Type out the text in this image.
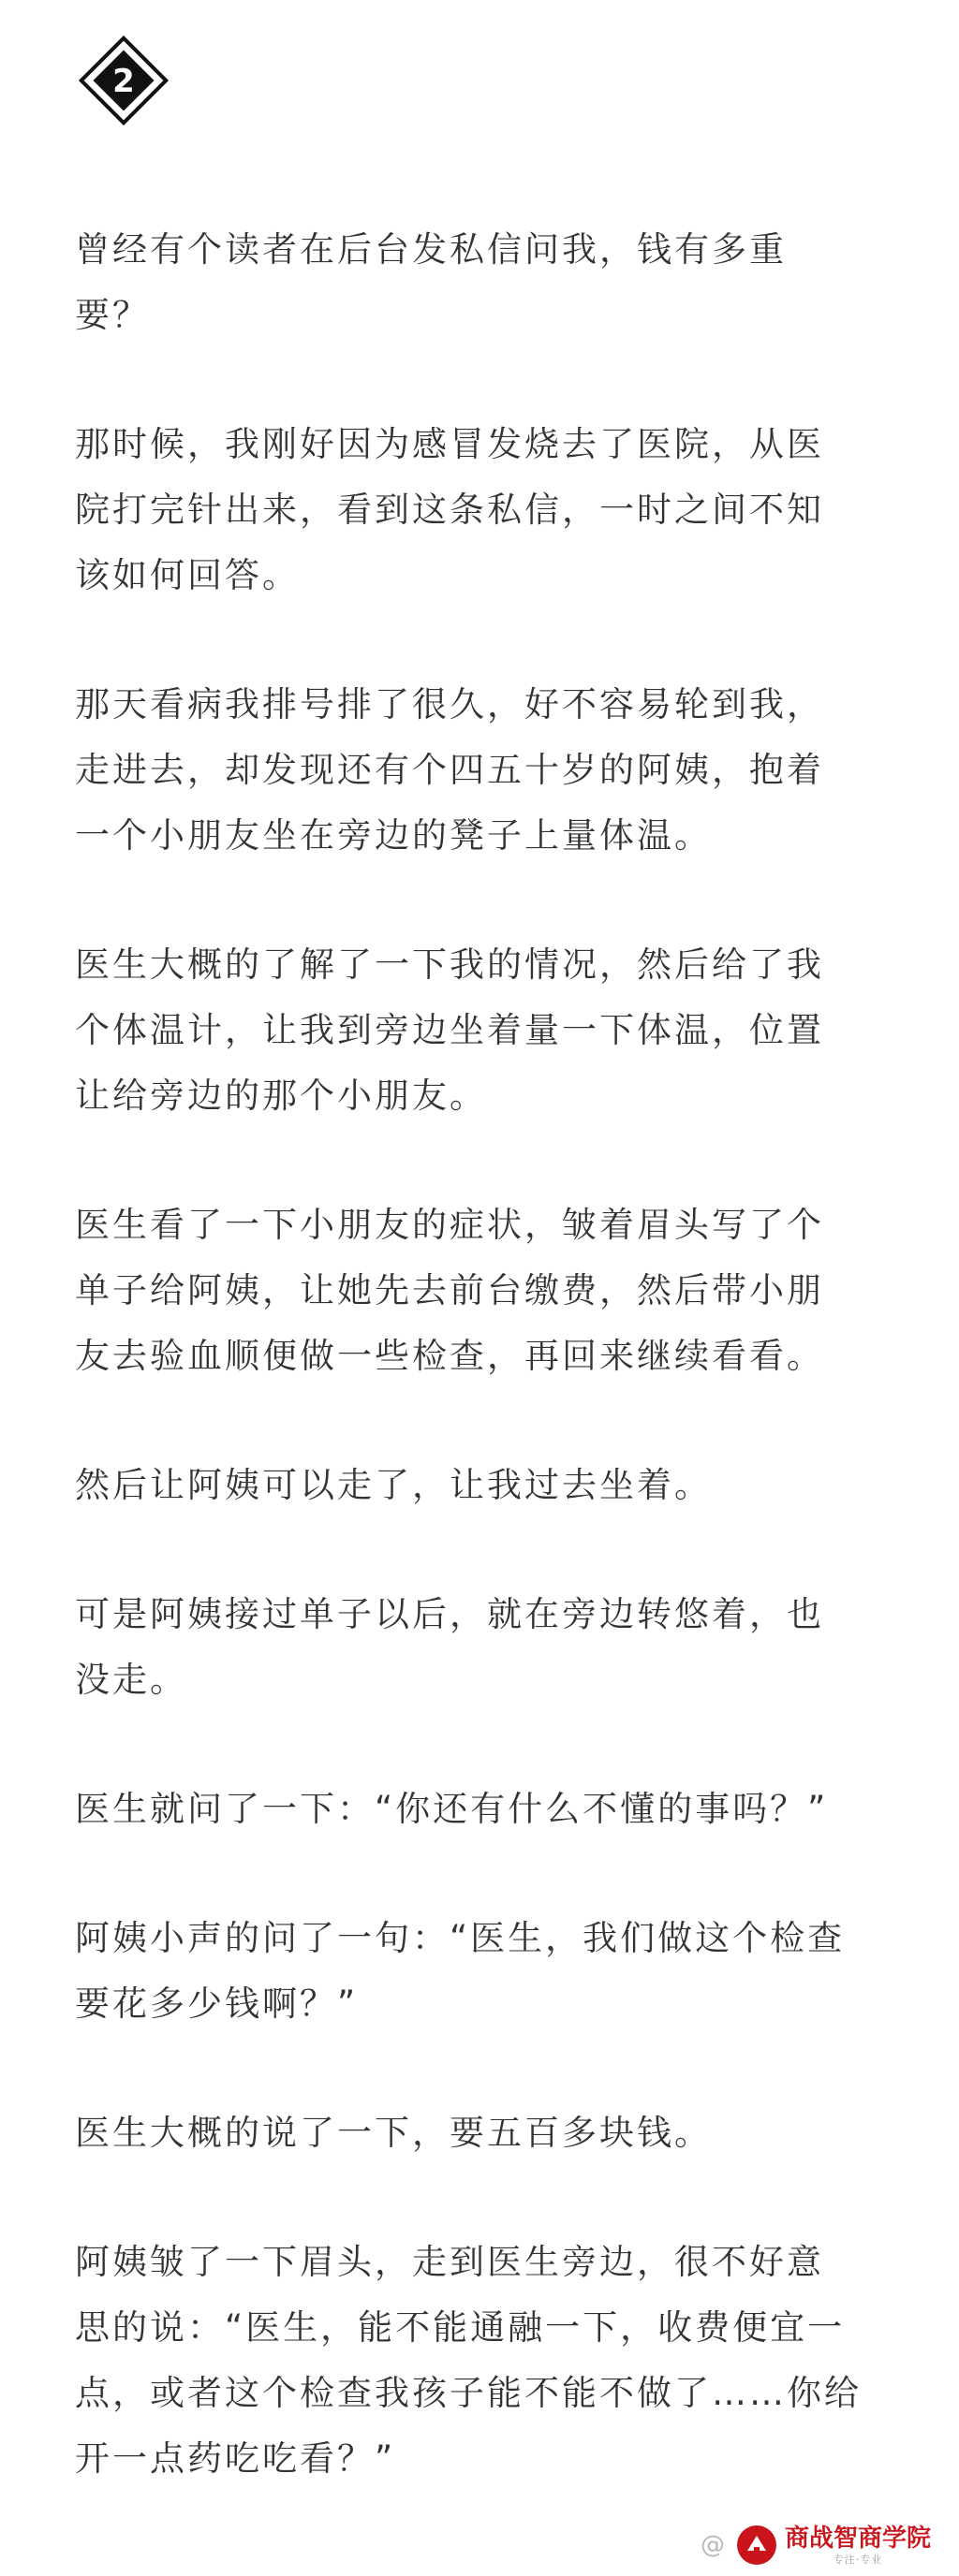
2

曾经有个读者在后台发私信问我，钱有多重
要？

那时候，我刚好因为感冒发烧去了医院，从医
院打完针出来，看到这条私信，一时之间不知
该如何回答。

那天看病我排号排了很久，好不容易轮到我，
走进去，却发现还有个四五十岁的阿姨，抱着
一个小朋友坐在旁边的凳子上量体温。

医生大概的了解了一下我的情况，然后给了我
个体温计，让我到旁边坐着量一下体温，位置
让给旁边的那个小朋友。

医生看了一下小朋友的症状，皱着眉头写了个
单子给阿姨，让她先去前台缴费，然后带小朋
友去验血顺便做一些检查，再回来继续看看。

然后让阿姨可以走了，让我过去坐着。

可是阿姨接过单子以后，就在旁边转悠着，也
没走。

医生就问了一下：“你还有什么不懂的事吗？”

阿姨小声的问了一句：“医生，我们做这个检查
要花多少钱啊？”

医生大概的说了一下，要五百多块钱。

阿姨皱了一下眉头，走到医生旁边，很不好意
思的说：“医生，能不能通融一下，收费便宜一
点，或者这个检查我孩子能不能不做了……你给
开一点药吃吃看？”

@ 商战智商学院
专注·专业
